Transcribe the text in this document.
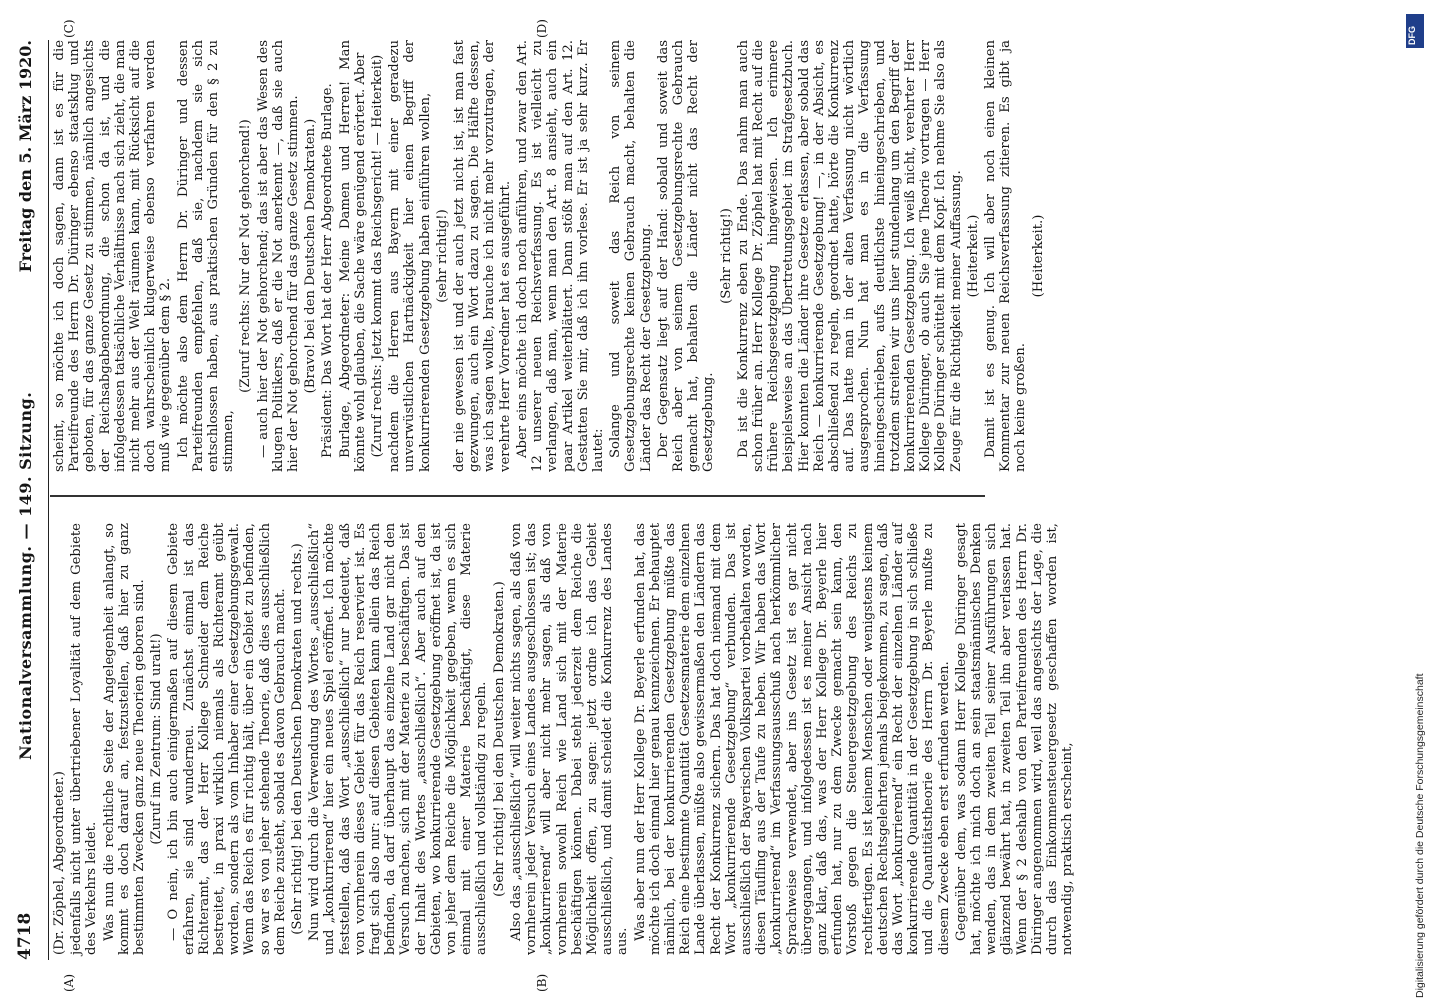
4718
Nationalversammlung. — 149. Sitzung.
Freitag den 5. März 1920.
(A)	(B)
(C)	(D)

(Dr. Zöphel, Abgeordneter.) jedenfalls nicht unter übertriebener Loyalität auf dem Gebiete des Verkehrs leidet. Was nun die rechtliche Seite der Angelegenheit anlangt, so kommt es doch darauf an, festzustellen, daß hier zu ganz bestimmten Zwecken ganz neue Theorien geboren sind. (Zuruf im Zentrum: Sind uralt!) — O nein, ich bin auch einigermaßen auf diesem Gebiete erfahren, sie sind wunderneu. Zunächst einmal ist das Richteramt, das der Herr Kollege Schneider dem Reiche bestreitet, in praxi wirklich niemals als Richteramt geübt worden, sondern als vom Inhaber einer Gesetzgebungsgewalt. Wenn das Reich es für richtig hält, über ein Gebiet zu befinden, so war es von jeher stehende Theorie, daß dies ausschließlich dem Reiche zusteht, sobald es davon Gebrauch macht. (Sehr richtig! bei den Deutschen Demokraten und rechts.) Nun wird durch die Verwendung des Wortes „ausschließlich“ und „konkurrierend“ hier ein neues Spiel eröffnet. Ich möchte feststellen, daß das Wort „ausschließlich“ nur bedeutet, daß von vornherein dieses Gebiet für das Reich reserviert ist. Es fragt sich also nur: auf diesen Gebieten kann allein das Reich befinden, da darf überhaupt das einzelne Land gar nicht den Versuch machen, sich mit der Materie zu beschäftigen. Das ist der Inhalt des Wortes „ausschließlich“. Aber auch auf den Gebieten, wo konkurrierende Gesetzgebung eröffnet ist, da ist von jeher dem Reiche die Möglichkeit gegeben, wenn es sich einmal mit einer Materie beschäftigt, diese Materie ausschließlich und vollständig zu regeln. (Sehr richtig! bei den Deutschen Demokraten.) Also das „ausschließlich“ will weiter nichts sagen, als daß von vornherein jeder Versuch eines Landes ausgeschlossen ist; das „konkurrierend“ will aber nicht mehr sagen, als daß von vornherein sowohl Reich wie Land sich mit der Materie beschäftigen können. Dabei steht jederzeit dem Reiche die Möglichkeit offen, zu sagen: jetzt ordne ich das Gebiet ausschließlich, und damit scheidet die Konkurrenz des Landes aus.

Was aber nun der Herr Kollege Dr. Beyerle erfunden hat, das möchte ich doch einmal hier genau kennzeichnen. Er behauptet nämlich, bei der konkurrierenden Gesetzgebung müßte das Reich eine bestimmte Quantität Gesetzesmaterie dem einzelnen Lande überlassen, müßte also gewissermaßen den Ländern das Recht der Konkurrenz sichern. Das hat doch niemand mit dem Wort „konkurrierende Gesetzgebung“ verbunden. Das ist ausschließlich der Bayerischen Volkspartei vorbehalten worden, diesen Täufling aus der Taufe zu heben. Wir haben das Wort „konkurrierend“ im Verfassungsausschuß nach herkömmlicher Sprachweise verwendet, aber ins Gesetz ist es gar nicht übergegangen, und infolgedessen ist es meiner Ansicht nach ganz klar, daß das, was der Herr Kollege Dr. Beyerle hier erfunden hat, nur zu dem Zwecke gemacht sein kann, den Vorstoß gegen die Steuergesetzgebung des Reichs zu rechtfertigen. Es ist keinem Menschen oder wenigstens keinem deutschen Rechtsgelehrten jemals beigekommen, zu sagen, daß das Wort „konkurrierend“ ein Recht der einzelnen Länder auf konkurrierende Quantität in der Gesetzgebung in sich schließe und die Quantitätstheorie des Herrn Dr. Beyerle mußte zu diesem Zwecke eben erst erfunden werden. Gegenüber dem, was sodann Herr Kollege Düringer gesagt hat, möchte ich mich doch an sein staatsmännisches Denken wenden, das in dem zweiten Teil seiner Ausführungen sich glänzend bewährt hat, in zweiten Teil ihn aber verlassen hat. Wenn der § 2 deshalb von den Parteifreunden des Herrn Dr. Düringer angenommen wird, weil das angesichts der Lage, die durch das Einkommensteuergesetz geschaffen worden ist, notwendig, praktisch erscheint,

scheint, so möchte ich doch sagen, dann ist es für die Parteifreunde des Herrn Dr. Düringer ebenso staatsklug und geboten, für das ganze Gesetz zu stimmen, nämlich angesichts der Reichsabgabenordnung, die schon da ist, und die infolgedessen tatsächliche Verhältnisse nach sich zieht, die man nicht mehr aus der Welt räumen kann, mit Rücksicht auf die doch wahrscheinlich klugerweise ebenso verfahren werden muß wie gegenüber dem § 2. Ich möchte also dem Herrn Dr. Düringer und dessen Parteifreunden empfehlen, daß sie, nachdem sie sich entschlossen haben, aus praktischen Gründen für den § 2 zu stimmen,

(Zuruf rechts: Nur der Not gehorchend!) — auch hier der Not gehorchend; das ist aber das Wesen des klugen Politikers, daß er die Not anerkennt —, daß sie auch hier der Not gehorchend für das ganze Gesetz stimmen. (Bravo! bei den Deutschen Demokraten.) Präsident: Das Wort hat der Herr Abgeordnete Burlage. Burlage, Abgeordneter: Meine Damen und Herren! Man könnte wohl glauben, die Sache wäre genügend erörtert. Aber (Zuruf rechts: Jetzt kommt das Reichsgericht! — Heiterkeit) nachdem die Herren aus Bayern mit einer geradezu unverwüstlichen Hartnäckigkeit hier einen Begriff der konkurrierenden Gesetzgebung haben einführen wollen, (sehr richtig!) der nie gewesen ist und der auch jetzt nicht ist, ist man fast gezwungen, auch ein Wort dazu zu sagen. Die Hälfte dessen, was ich sagen wollte, brauche ich nicht mehr vorzutragen, der verehrte Herr Vorredner hat es ausgeführt. Aber eins möchte ich doch noch anführen, und zwar den Art. 12 unserer neuen Reichsverfassung. Es ist vielleicht zu verlangen, daß man, wenn man den Art. 8 ansieht, auch ein paar Artikel weiterblättert. Dann stößt man auf den Art. 12. Gestatten Sie mir, daß ich ihn vorlese. Er ist ja sehr kurz. Er lautet: Solange und soweit das Reich von seinem Gesetzgebungsrechte keinen Gebrauch macht, behalten die Länder das Recht der Gesetzgebung. Der Gegensatz liegt auf der Hand: sobald und soweit das Reich aber von seinem Gesetzgebungsrechte Gebrauch gemacht hat, behalten die Länder nicht das Recht der Gesetzgebung.

(Sehr richtig!) Da ist die Konkurrenz eben zu Ende. Das nahm man auch schon früher an. Herr Kollege Dr. Zöphel hat mit Recht auf die frühere Reichsgesetzgebung hingewiesen. Ich erinnere beispielsweise an das Übertretungsgebiet im Strafgesetzbuch. Hier konnten die Länder ihre Gesetze erlassen, aber sobald das Reich — konkurrierende Gesetzgebung! —, in der Absicht, es abschließend zu regeln, geordnet hatte, hörte die Konkurrenz auf. Das hatte man in der alten Verfassung nicht wörtlich ausgesprochen. Nun hat man es in die Verfassung hineingeschrieben, aufs deutlichste hineingeschrieben, und trotzdem streiten wir uns hier stundenlang um den Begriff der konkurrierenden Gesetzgebung. Ich weiß nicht, verehrter Herr Kollege Düringer, ob auch Sie jene Theorie vortragen — Herr Kollege Düringer schüttelt mit dem Kopf. Ich nehme Sie also als Zeuge für die Richtigkeit meiner Auffassung. (Heiterkeit.) Damit ist es genug. Ich will aber noch einen kleinen Kommentar zur neuen Reichsverfassung zitieren. Es gibt ja noch keine großen.

(Heiterkeit.)

DFG
Digitalisierung gefördert durch die Deutsche Forschungsgemeinschaft
